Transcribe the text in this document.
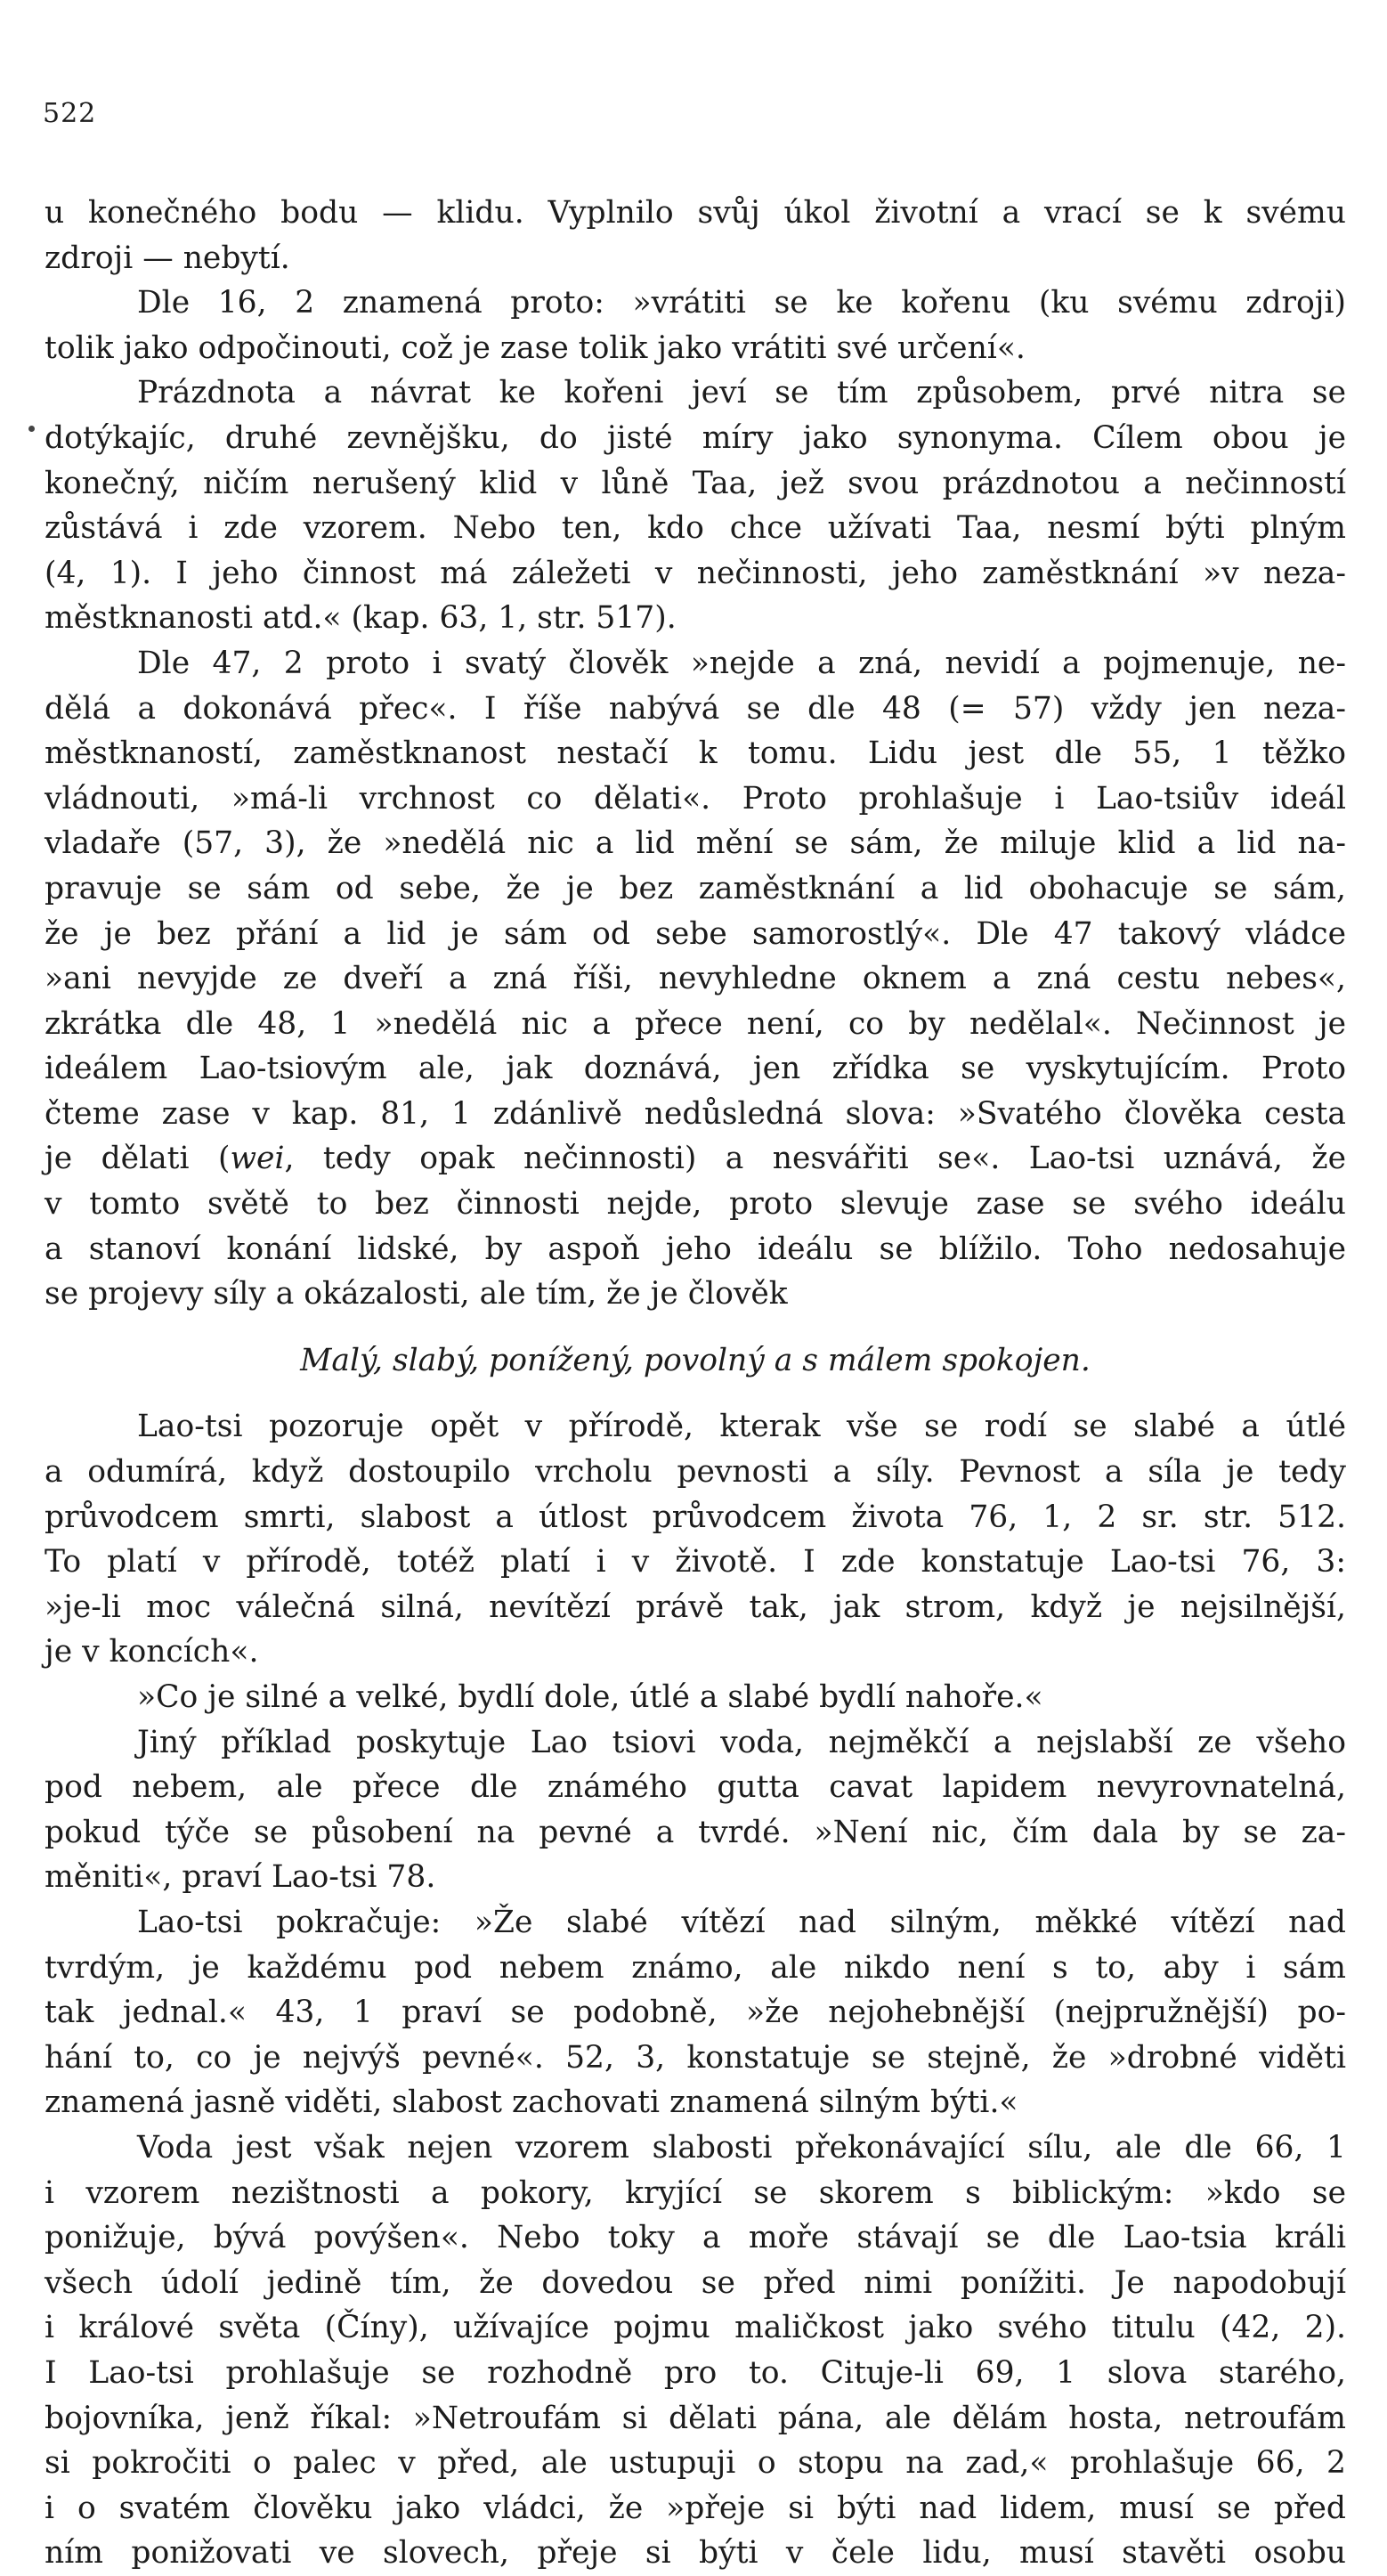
522
u konečného bodu — klidu. Vyplnilo svůj úkol životní a vrací se k svému
zdroji — nebytí.
Dle 16, 2 znamená proto: »vrátiti se ke kořenu (ku svému zdroji)
tolik jako odpočinouti, což je zase tolik jako vrátiti své určení«.
Prázdnota a návrat ke kořeni jeví se tím způsobem, prvé nitra se
dotýkajíc, druhé zevnějšku, do jisté míry jako synonyma. Cílem obou je
konečný, ničím nerušený klid v lůně Taa, jež svou prázdnotou a nečinností
zůstává i zde vzorem. Nebo ten, kdo chce užívati Taa, nesmí býti plným
(4, 1). I jeho činnost má záležeti v nečinnosti, jeho zaměstknání »v neza-
městknanosti atd.« (kap. 63, 1, str. 517).
Dle 47, 2 proto i svatý člověk »nejde a zná, nevidí a pojmenuje, ne-
dělá a dokonává přec«. I říše nabývá se dle 48 (= 57) vždy jen neza-
městknaností, zaměstknanost nestačí k tomu. Lidu jest dle 55, 1 těžko
vládnouti, »má-li vrchnost co dělati«. Proto prohlašuje i Lao-tsiův ideál
vladaře (57, 3), že »nedělá nic a lid mění se sám, že miluje klid a lid na-
pravuje se sám od sebe, že je bez zaměstknání a lid obohacuje se sám,
že je bez přání a lid je sám od sebe samorostlý«. Dle 47 takový vládce
»ani nevyjde ze dveří a zná říši, nevyhledne oknem a zná cestu nebes«,
zkrátka dle 48, 1 »nedělá nic a přece není, co by nedělal«. Nečinnost je
ideálem Lao-tsiovým ale, jak doznává, jen zřídka se vyskytujícím. Proto
čteme zase v kap. 81, 1 zdánlivě nedůsledná slova: »Svatého člověka cesta
je dělati (wei, tedy opak nečinnosti) a nesvářiti se«. Lao-tsi uznává, že
v tomto světě to bez činnosti nejde, proto slevuje zase se svého ideálu
a stanoví konání lidské, by aspoň jeho ideálu se blížilo. Toho nedosahuje
se projevy síly a okázalosti, ale tím, že je člověk
Malý, slabý, ponížený, povolný a s málem spokojen.
Lao-tsi pozoruje opět v přírodě, kterak vše se rodí se slabé a útlé
a odumírá, když dostoupilo vrcholu pevnosti a síly. Pevnost a síla je tedy
průvodcem smrti, slabost a útlost průvodcem života 76, 1, 2 sr. str. 512.
To platí v přírodě, totéž platí i v životě. I zde konstatuje Lao-tsi 76, 3:
»je-li moc válečná silná, nevítězí právě tak, jak strom, když je nejsilnější,
je v koncích«.
»Co je silné a velké, bydlí dole, útlé a slabé bydlí nahoře.«
Jiný příklad poskytuje Lao tsiovi voda, nejměkčí a nejslabší ze všeho
pod nebem, ale přece dle známého gutta cavat lapidem nevyrovnatelná,
pokud týče se působení na pevné a tvrdé. »Není nic, čím dala by se za-
měniti«, praví Lao-tsi 78.
Lao-tsi pokračuje: »Že slabé vítězí nad silným, měkké vítězí nad
tvrdým, je každému pod nebem známo, ale nikdo není s to, aby i sám
tak jednal.« 43, 1 praví se podobně, »že nejohebnější (nejpružnější) po-
hání to, co je nejvýš pevné«. 52, 3, konstatuje se stejně, že »drobné viděti
znamená jasně viděti, slabost zachovati znamená silným býti.«
Voda jest však nejen vzorem slabosti překonávající sílu, ale dle 66, 1
i vzorem nezištnosti a pokory, kryjící se skorem s biblickým: »kdo se
ponižuje, bývá povýšen«. Nebo toky a moře stávají se dle Lao-tsia králi
všech údolí jedině tím, že dovedou se před nimi ponížiti. Je napodobují
i králové světa (Číny), užívajíce pojmu maličkost jako svého titulu (42, 2).
I Lao-tsi prohlašuje se rozhodně pro to. Cituje-li 69, 1 slova starého,
bojovníka, jenž říkal: »Netroufám si dělati pána, ale dělám hosta, netroufám
si pokročiti o palec v před, ale ustupuji o stopu na zad,« prohlašuje 66, 2
i o svatém člověku jako vládci, že »přeje si býti nad lidem, musí se před
ním ponižovati ve slovech, přeje si býti v čele lidu, musí stavěti osobu
